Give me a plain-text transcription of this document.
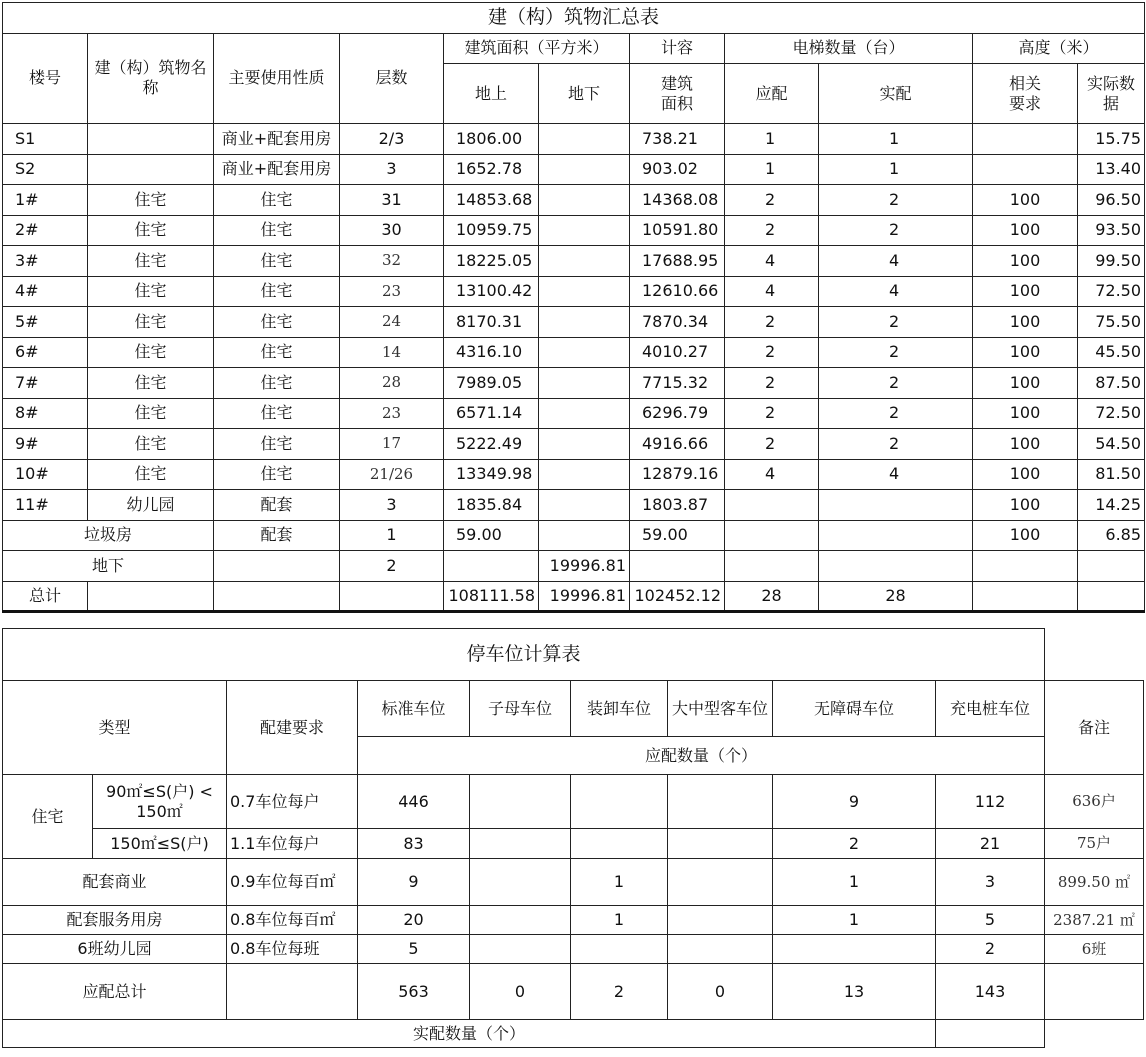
建（构）筑物汇总表										
楼号	建（构）筑物名称	主要使用性质	层数	建筑面积（平方米）		计容	电梯数量（台）		高度（米）	
				地上	地下	建筑面积	应配	实配	相关要求	实际数据
S1		商业+配套用房	2/3	1806.00		738.21	1	1		15.75
S2		商业+配套用房	3	1652.78		903.02	1	1		13.40
1#	住宅	住宅	31	14853.68		14368.08	2	2	100	96.50
2#	住宅	住宅	30	10959.75		10591.80	2	2	100	93.50
3#	住宅	住宅	32	18225.05		17688.95	4	4	100	99.50
4#	住宅	住宅	23	13100.42		12610.66	4	4	100	72.50
5#	住宅	住宅	24	8170.31		7870.34	2	2	100	75.50
6#	住宅	住宅	14	4316.10		4010.27	2	2	100	45.50
7#	住宅	住宅	28	7989.05		7715.32	2	2	100	87.50
8#	住宅	住宅	23	6571.14		6296.79	2	2	100	72.50
9#	住宅	住宅	17	5222.49		4916.66	2	2	100	54.50
10#	住宅	住宅	21/26	13349.98		12879.16	4	4	100	81.50
11#	幼儿园	配套	3	1835.84		1803.87			100	14.25
垃圾房		配套	1	59.00		59.00			100	6.85
地下			2		19996.81					
总计				108111.58	19996.81	102452.12	28	28		
停车位计算表									
类型		配建要求	标准车位	子母车位	装卸车位	大中型客车位	无障碍车位	充电桩车位	备注
			应配数量（个）						
住宅	90㎡≤S(户) < 150㎡	0.7车位每户	446				9	112	636户
	150㎡≤S(户)	1.1车位每户	83				2	21	75户
配套商业		0.9车位每百㎡	9		1		1	3	899.50 ㎡
配套服务用房		0.8车位每百㎡	20		1		1	5	2387.21 ㎡
6班幼儿园		0.8车位每班	5					2	6班
应配总计			563	0	2	0	13	143	
实配数量（个）									
